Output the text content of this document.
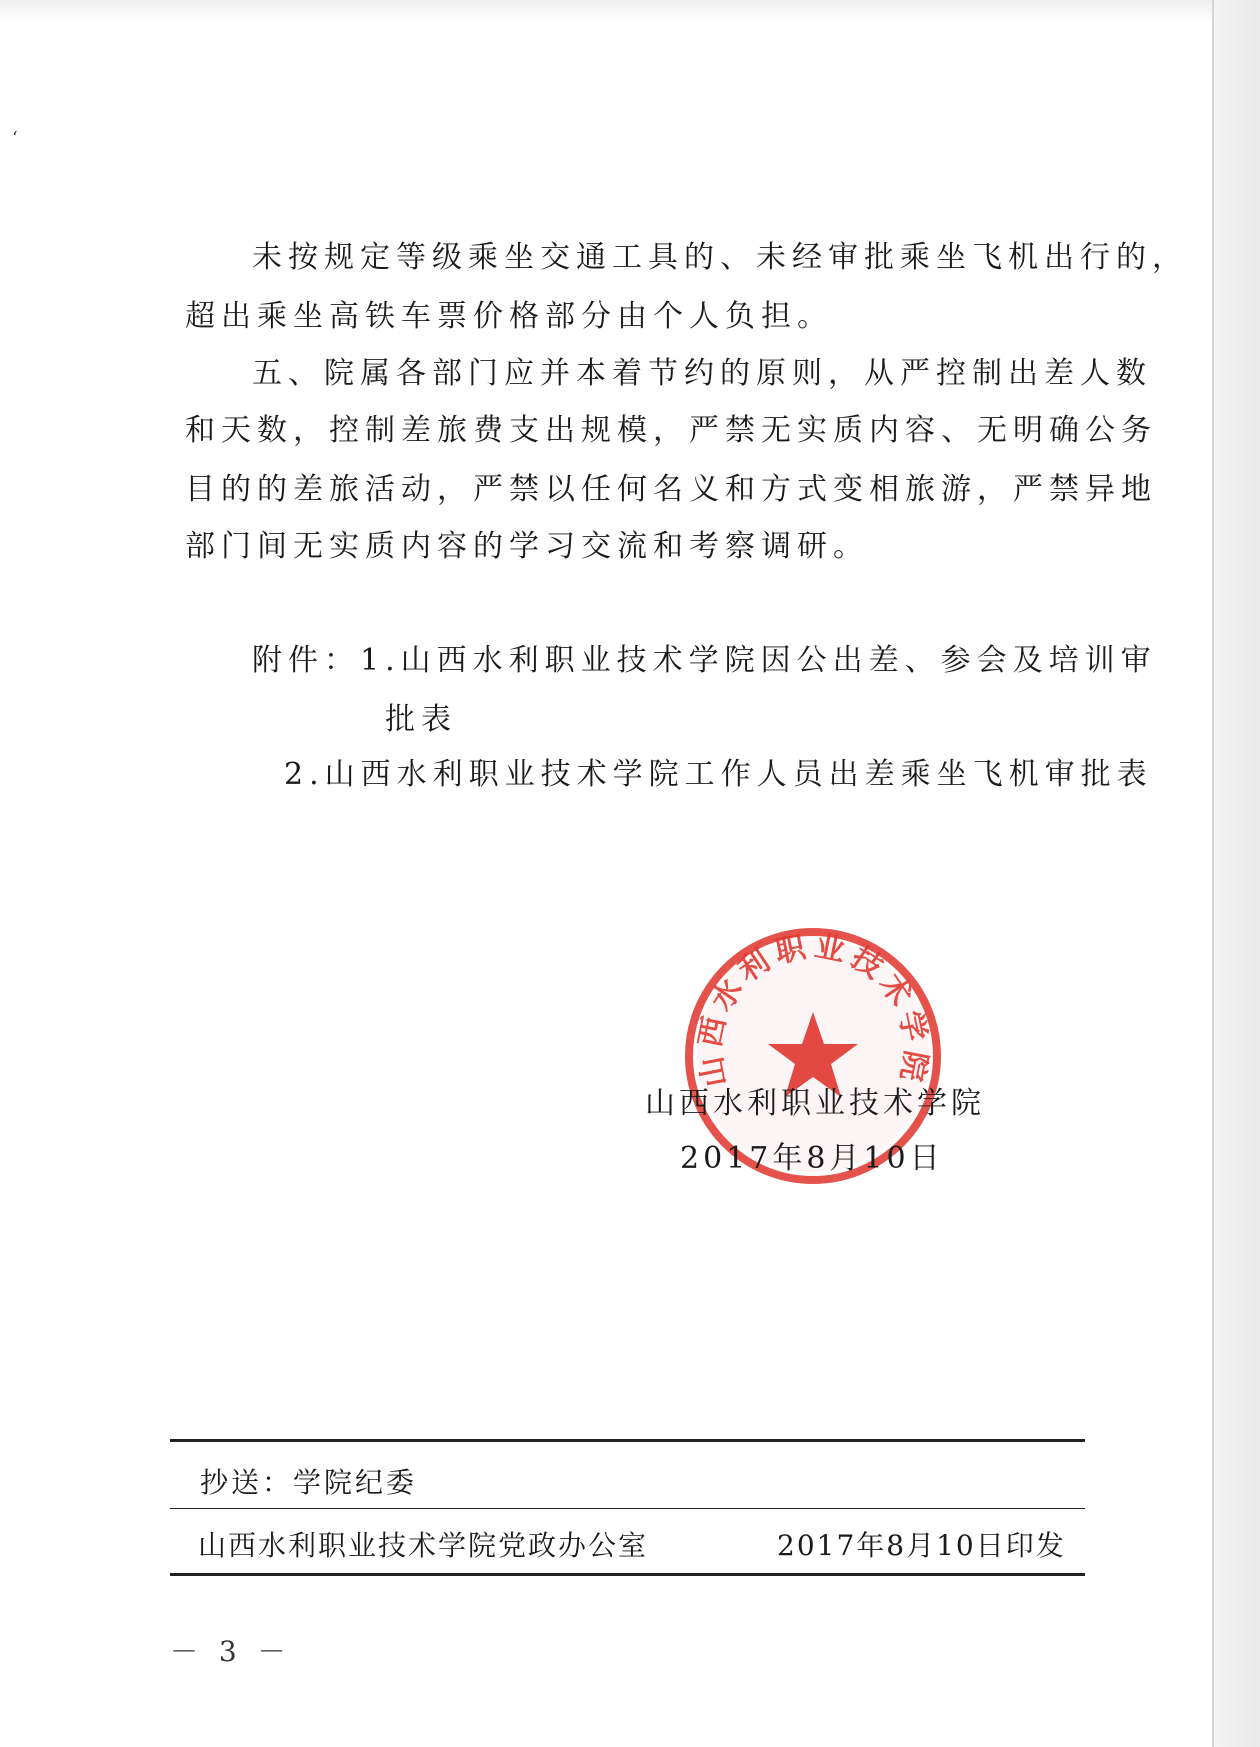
‘
未按规定等级乘坐交通工具的、未经审批乘坐飞机出行的，
超出乘坐高铁车票价格部分由个人负担。
五、院属各部门应并本着节约的原则，从严控制出差人数
和天数，控制差旅费支出规模，严禁无实质内容、无明确公务
目的的差旅活动，严禁以任何名义和方式变相旅游，严禁异地
部门间无实质内容的学习交流和考察调研。
附件：1.山西水利职业技术学院因公出差、参会及培训审
批表
2.山西水利职业技术学院工作人员出差乘坐飞机审批表
山西水利职业技术学院
山西水利职业技术学院
2017年8月10日
抄送：学院纪委
山西水利职业技术学院党政办公室	2017年8月10日印发
－ 3 －
